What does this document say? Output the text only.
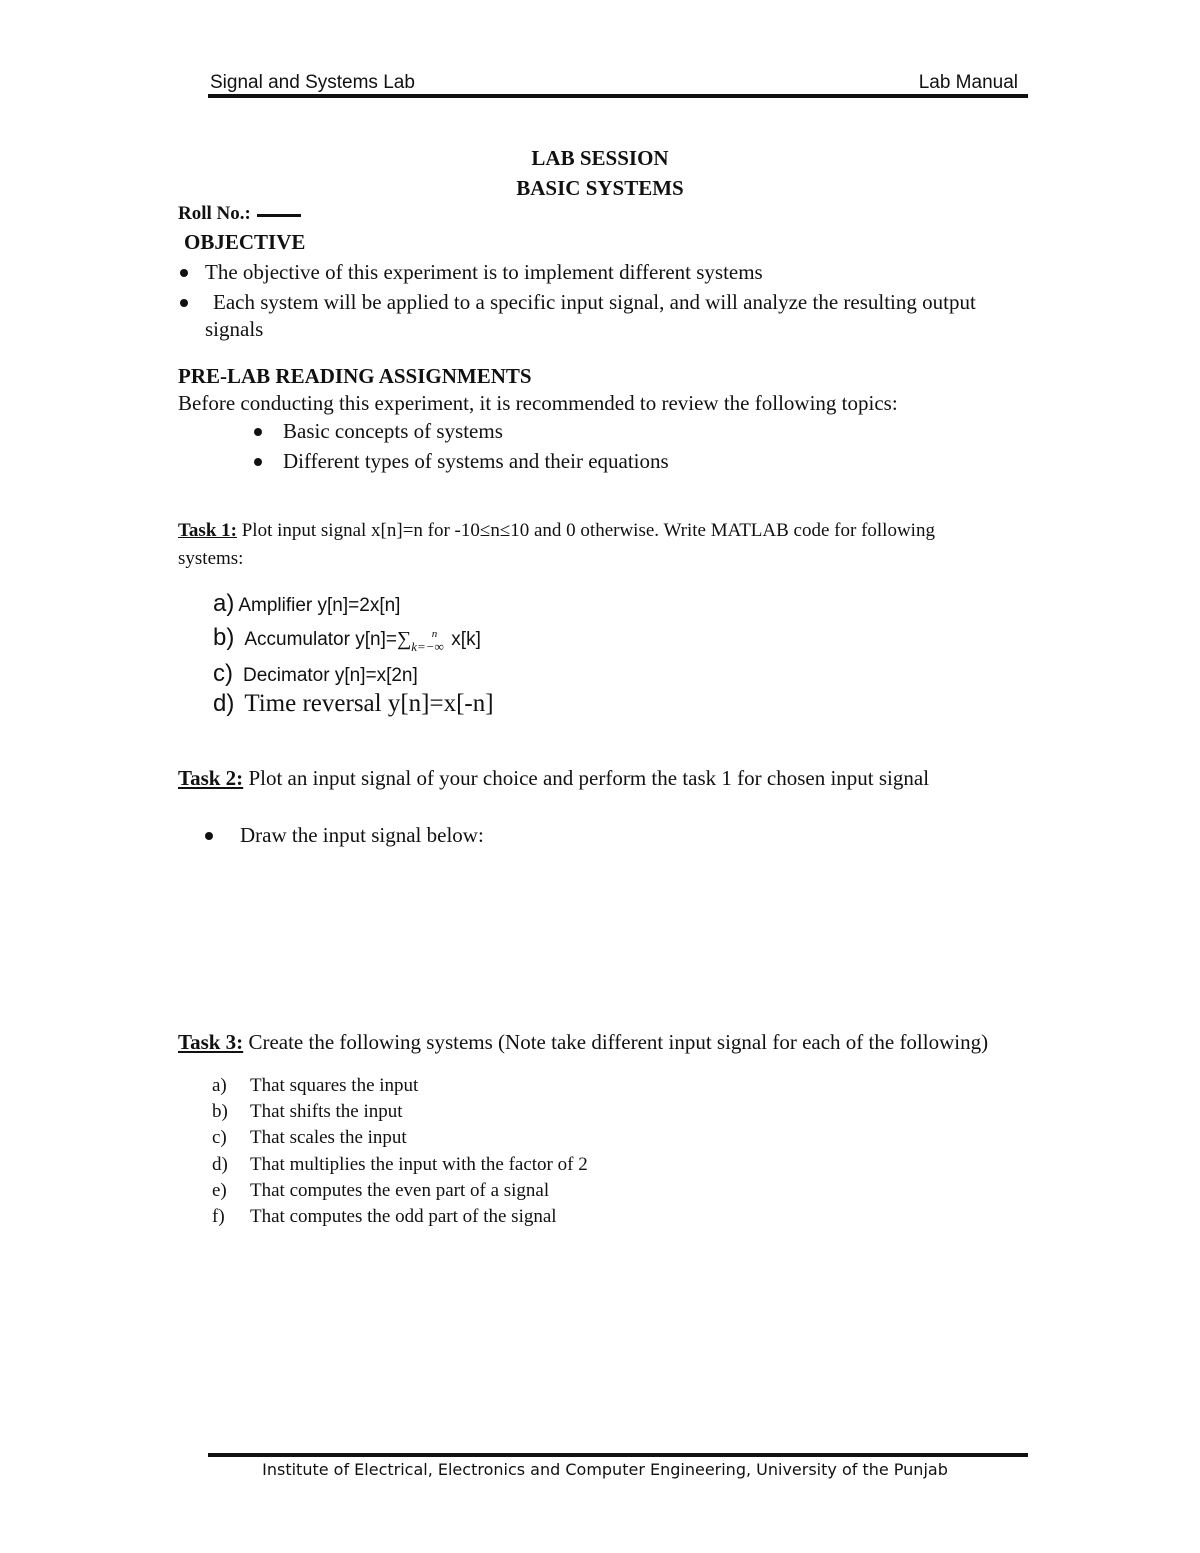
Signal and Systems Lab	Lab Manual
LAB SESSION
BASIC SYSTEMS
Roll No.:
OBJECTIVE
The objective of this experiment is to implement different systems
Each system will be applied to a specific input signal, and will analyze the resulting output
signals
PRE-LAB READING ASSIGNMENTS
Before conducting this experiment, it is recommended to review the following topics:
Basic concepts of systems
Different types of systems and their equations
Task 1: Plot input signal x[n]=n for -10≤n≤10 and 0 otherwise. Write MATLAB code for following
systems:
a) Amplifier y[n]=2x[n]
b) Accumulator $y[n]=\sum_{k=-\infty}^n$ x[k]
c) Decimator y[n]=x[2n]
d) Time reversal y[n]=x[-n]
Task 2: Plot an input signal of your choice and perform the task 1 for chosen input signal
Draw the input signal below:
Task 3: Create the following systems (Note take different input signal for each of the following)
a) That squares the input
b) That shifts the input
c) That scales the input
d) That multiplies the input with the factor of 2
e) That computes the even part of a signal
f) That computes the odd part of the signal
Institute of Electrical, Electronics and Computer Engineering, University of the Punjab
